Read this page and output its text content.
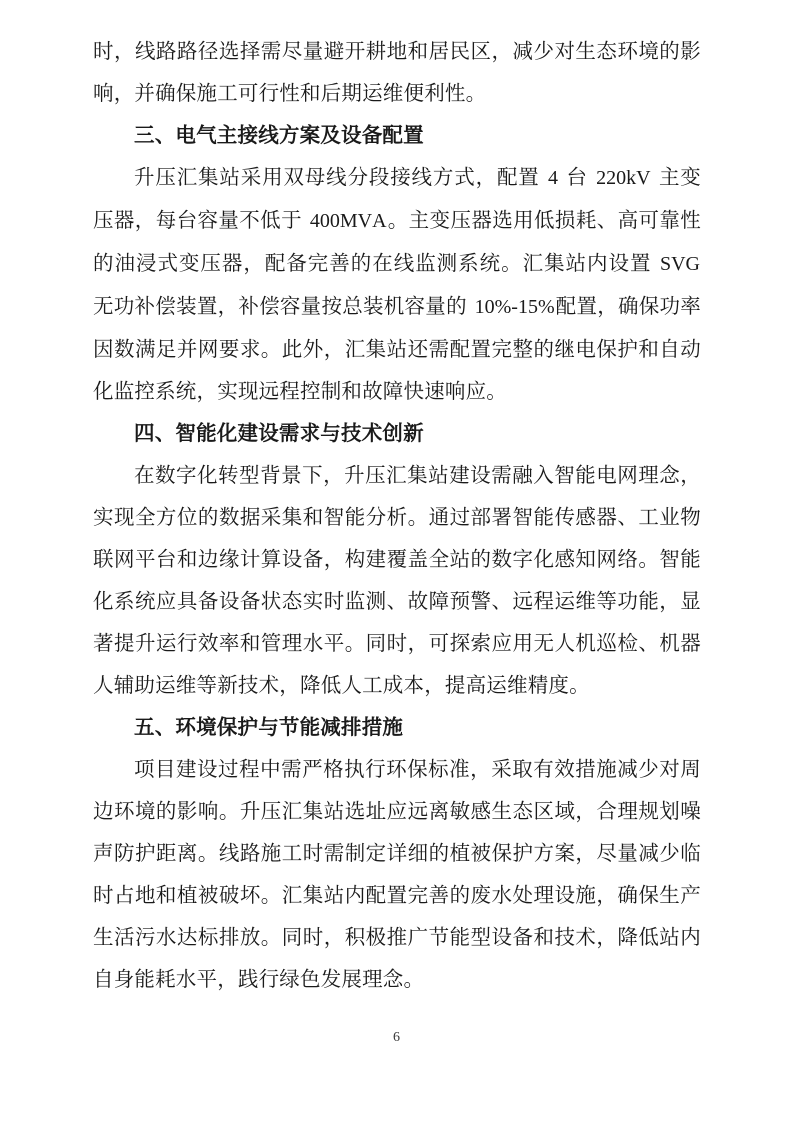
时，线路路径选择需尽量避开耕地和居民区，减少对生态环境的影响，并确保施工可行性和后期运维便利性。

三、电气主接线方案及设备配置

升压汇集站采用双母线分段接线方式，配置 4 台 220kV 主变压器，每台容量不低于 400MVA。主变压器选用低损耗、高可靠性的油浸式变压器，配备完善的在线监测系统。汇集站内设置 SVG 无功补偿装置，补偿容量按总装机容量的 10%-15%配置，确保功率因数满足并网要求。此外，汇集站还需配置完整的继电保护和自动化监控系统，实现远程控制和故障快速响应。

四、智能化建设需求与技术创新

在数字化转型背景下，升压汇集站建设需融入智能电网理念，实现全方位的数据采集和智能分析。通过部署智能传感器、工业物联网平台和边缘计算设备，构建覆盖全站的数字化感知网络。智能化系统应具备设备状态实时监测、故障预警、远程运维等功能，显著提升运行效率和管理水平。同时，可探索应用无人机巡检、机器人辅助运维等新技术，降低人工成本，提高运维精度。

五、环境保护与节能减排措施

项目建设过程中需严格执行环保标准，采取有效措施减少对周边环境的影响。升压汇集站选址应远离敏感生态区域，合理规划噪声防护距离。线路施工时需制定详细的植被保护方案，尽量减少临时占地和植被破坏。汇集站内配置完善的废水处理设施，确保生产生活污水达标排放。同时，积极推广节能型设备和技术，降低站内自身能耗水平，践行绿色发展理念。

6
